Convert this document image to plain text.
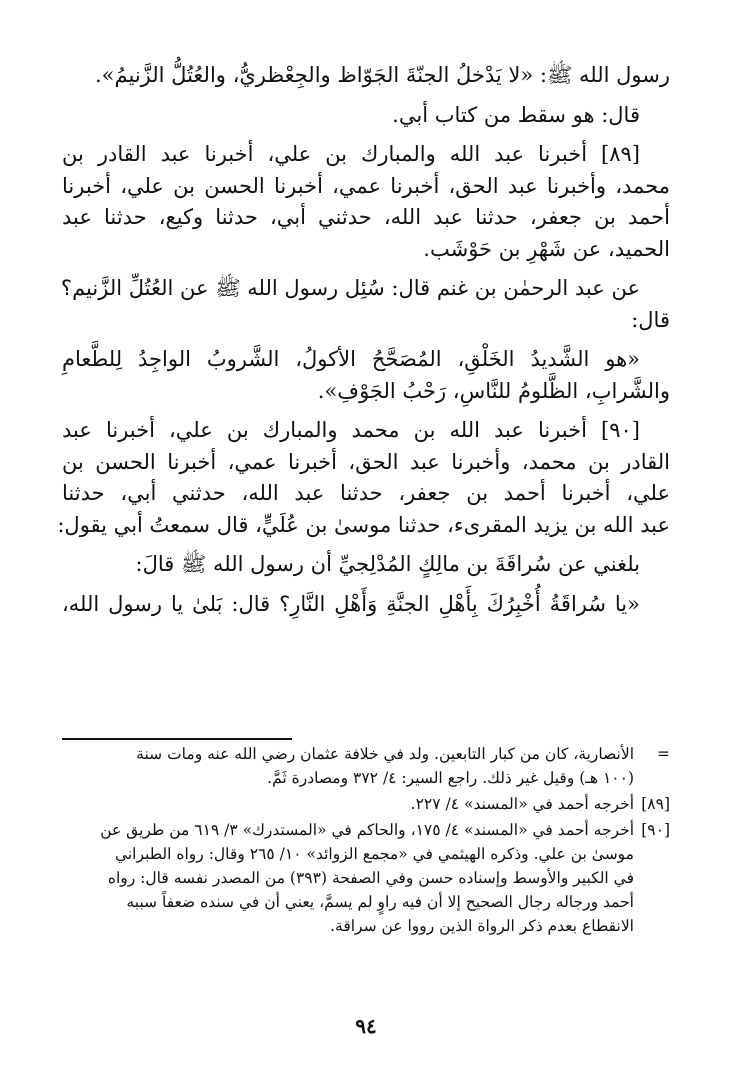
رسول الله ﷺ: «لا يَدْخلُ الجنّةَ الجَوّاظ والجِعْظريُّ، والعُتُلُّ الزَّنيمُ».
قال: هو سقط من كتاب أبي.
[٨٩] أخبرنا عبد الله والمبارك بن علي، أخبرنا عبد القادر بن
محمد، وأخبرنا عبد الحق، أخبرنا عمي، أخبرنا الحسن بن علي، أخبرنا
أحمد بن جعفر، حدثنا عبد الله، حدثني أبي، حدثنا وكيع، حدثنا عبد
الحميد، عن شَهْرِ بن حَوْشَب.
عن عبد الرحمٰن بن غنم قال: سُئِل رسول الله ﷺ عن العُتُلِّ الزَّنيم؟
قال:
«هو الشَّديدُ الخَلْقِ، المُصَحَّحُ الأكولُ، الشَّروبُ الواجِدُ لِلطَّعامِ
والشَّرابِ، الظَّلومُ للنَّاسِ، رَحْبُ الجَوْفِ».
[٩٠] أخبرنا عبد الله بن محمد والمبارك بن علي، أخبرنا عبد
القادر بن محمد، وأخبرنا عبد الحق، أخبرنا عمي، أخبرنا الحسن بن
علي، أخبرنا أحمد بن جعفر، حدثنا عبد الله، حدثني أبي، حدثنا
عبد الله بن يزيد المقرىء، حدثنا موسىٰ بن عُلَيٍّ، قال سمعتُ أبي يقول:
بلغني عن سُراقَةَ بن مالِكٍ المُدْلِجيِّ أن رسول الله ﷺ قالَ:
«يا سُراقَةُ أُخْبِرُكَ بِأَهْلِ الجنَّةِ وَأَهْلِ النَّارِ؟ قال: بَلىٰ يا رسول الله،
=
الأنصارية، كان من كبار التابعين. ولد في خلافة عثمان رضي الله عنه ومات سنة
(١٠٠ هـ) وقيل غير ذلك. راجع السير: ٤/ ٣٧٢ ومصادرة ثَمَّ.
[٨٩]
أخرجه أحمد في «المسند» ٤/ ٢٢٧.
[٩٠]
أخرجه أحمد في «المسند» ٤/ ١٧٥، والحاكم في «المستدرك» ٣/ ٦١٩ من طريق عن
موسىٰ بن علي. وذكره الهيثمي في «مجمع الزوائد» ١٠/ ٢٦٥ وقال: رواه الطبراني
في الكبير والأوسط وإسناده حسن وفي الصفحة (٣٩٣) من المصدر نفسه قال: رواه
أحمد ورجاله رجال الصحيح إلا أن فيه راوٍ لم يسمَّ، يعني أن في سنده ضعفاً سببه
الانقطاع بعدم ذكر الرواة الذين رووا عن سراقة.
٩٤
